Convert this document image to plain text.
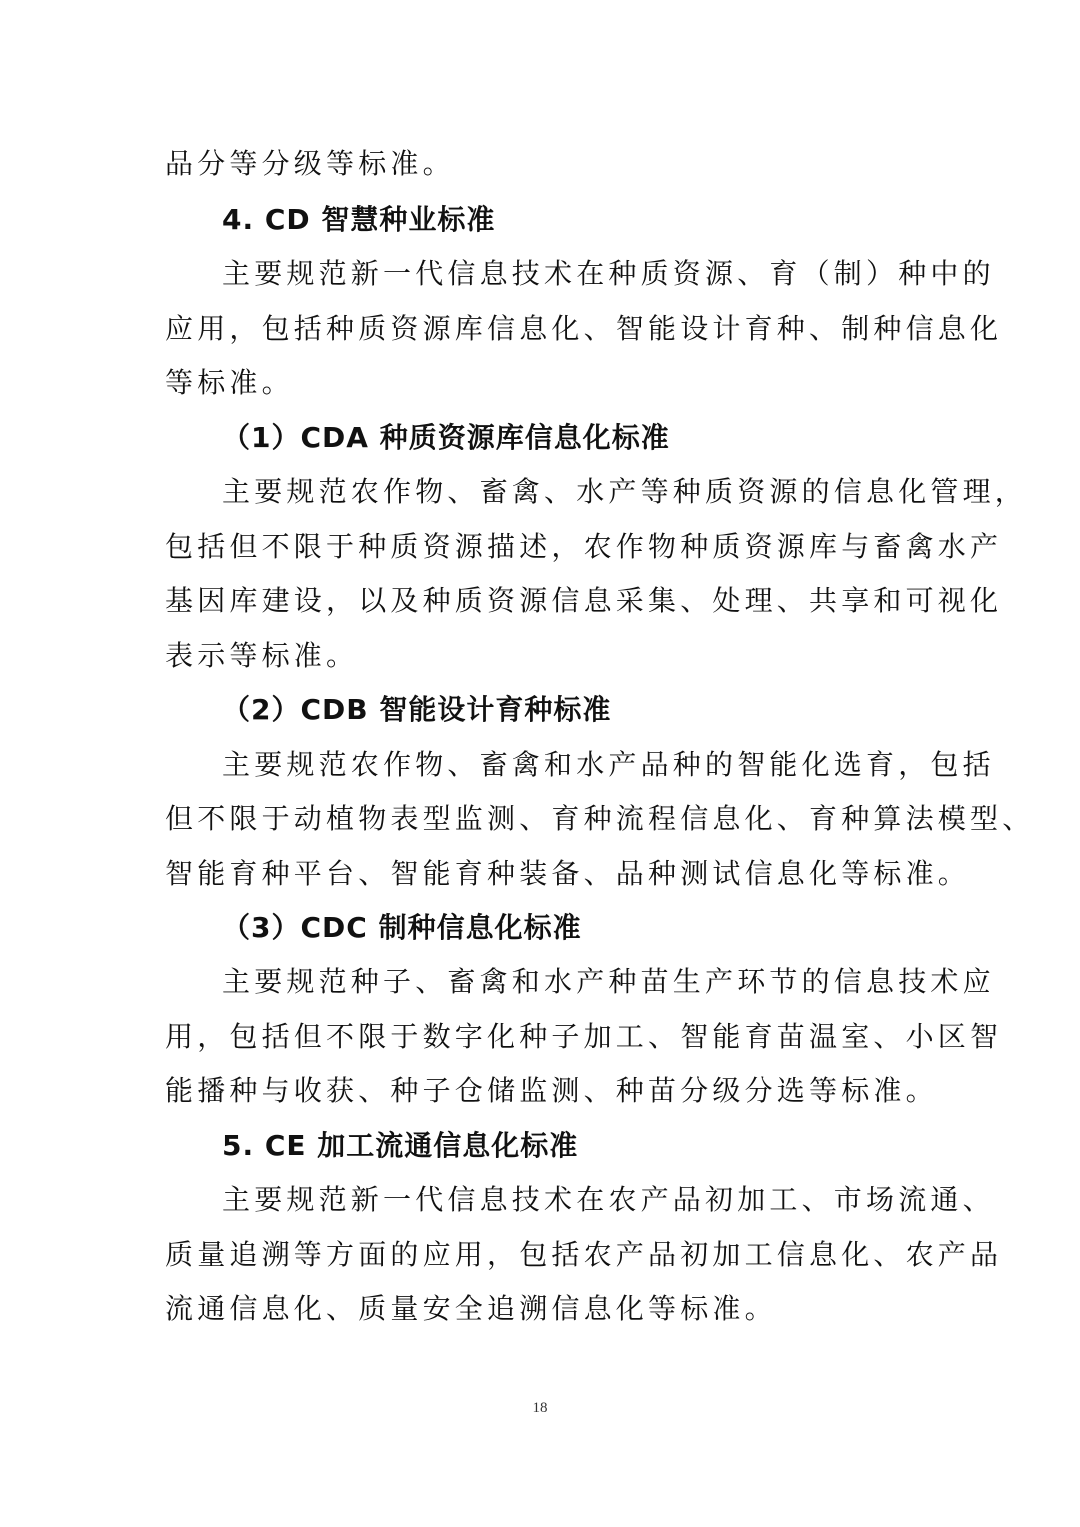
品分等分级等标准。
4. CD 智慧种业标准
主要规范新一代信息技术在种质资源、育（制）种中的
应用，包括种质资源库信息化、智能设计育种、制种信息化
等标准。
（1）CDA 种质资源库信息化标准
主要规范农作物、畜禽、水产等种质资源的信息化管理，
包括但不限于种质资源描述，农作物种质资源库与畜禽水产
基因库建设，以及种质资源信息采集、处理、共享和可视化
表示等标准。
（2）CDB 智能设计育种标准
主要规范农作物、畜禽和水产品种的智能化选育，包括
但不限于动植物表型监测、育种流程信息化、育种算法模型、
智能育种平台、智能育种装备、品种测试信息化等标准。
（3）CDC 制种信息化标准
主要规范种子、畜禽和水产种苗生产环节的信息技术应
用，包括但不限于数字化种子加工、智能育苗温室、小区智
能播种与收获、种子仓储监测、种苗分级分选等标准。
5. CE 加工流通信息化标准
主要规范新一代信息技术在农产品初加工、市场流通、
质量追溯等方面的应用，包括农产品初加工信息化、农产品
流通信息化、质量安全追溯信息化等标准。
18
